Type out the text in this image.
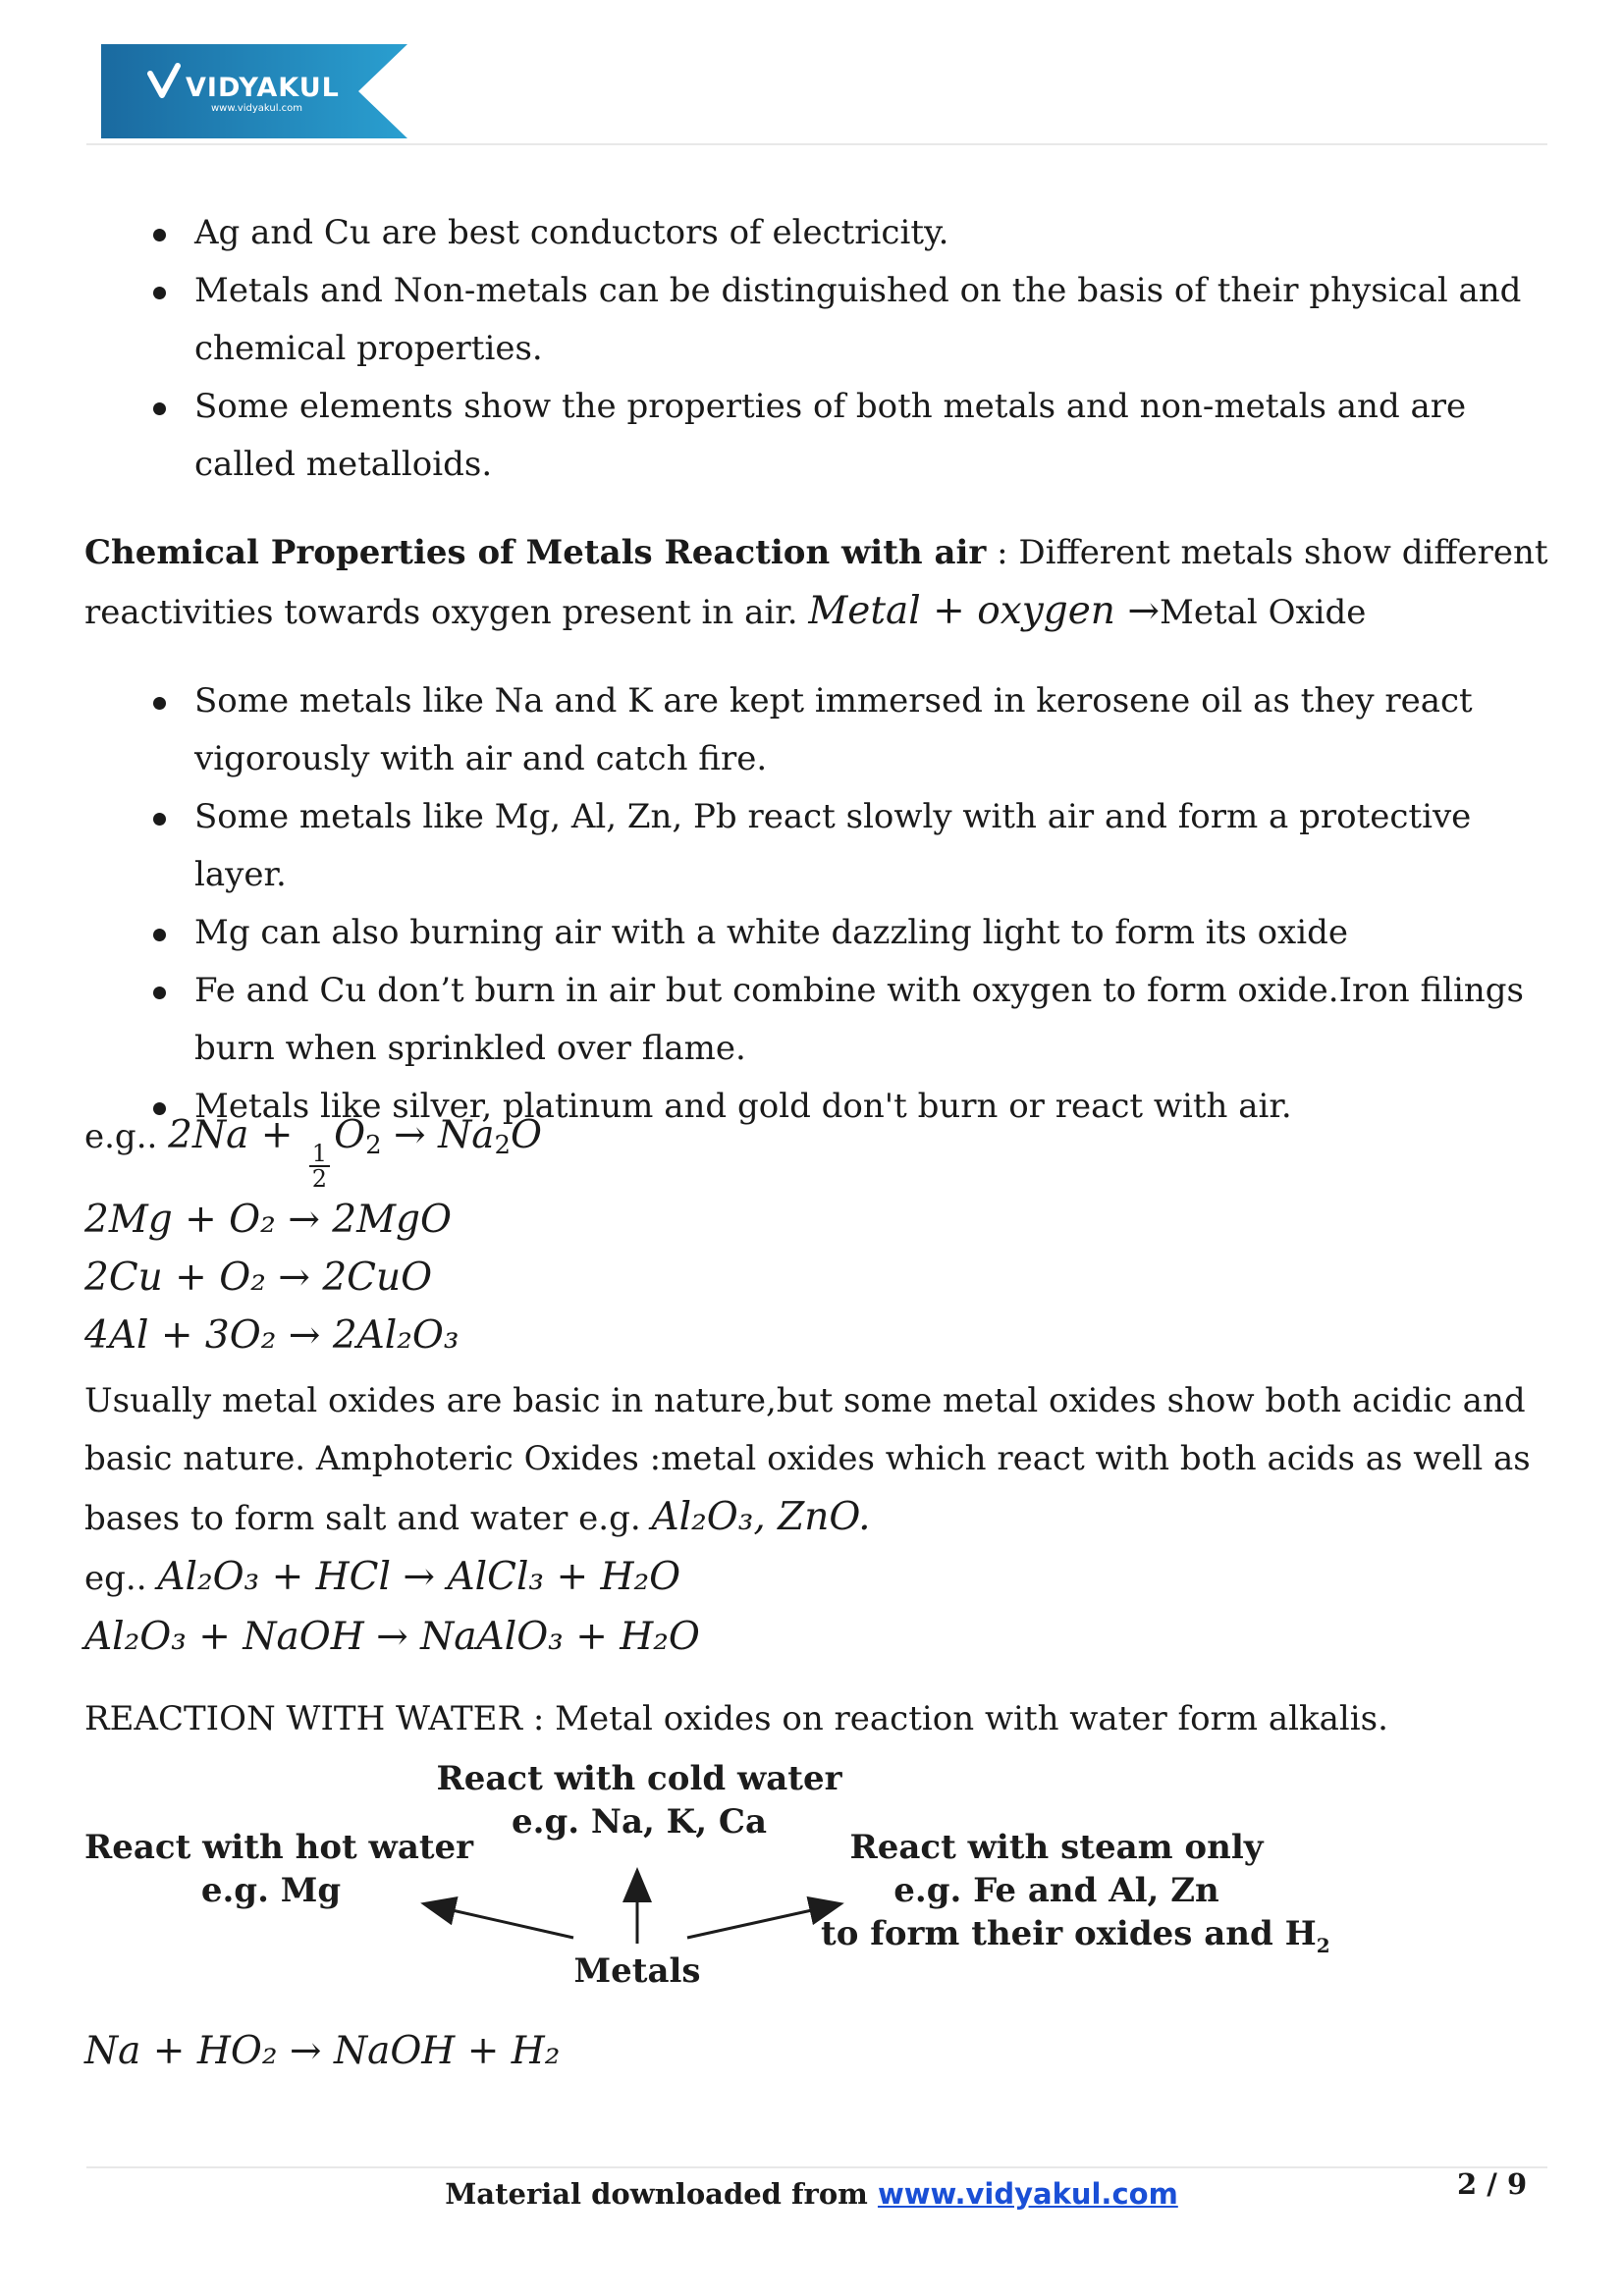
VIDYAKUL
www.vidyakul.com
Ag and Cu are best conductors of electricity.
Metals and Non-metals can be distinguished on the basis of their physical and chemical properties.
Some elements show the properties of both metals and non-metals and are called metalloids.

Chemical Properties of Metals Reaction with air : Different metals show different reactivities towards oxygen present in air. Metal + oxygen →Metal Oxide

Some metals like Na and K are kept immersed in kerosene oil as they react vigorously with air and catch fire.
Some metals like Mg, Al, Zn, Pb react slowly with air and form a protective layer.
Mg can also burning air with a white dazzling light to form its oxide
Fe and Cu don’t burn in air but combine with oxygen to form oxide.Iron filings burn when sprinkled over flame.
Metals like silver, platinum and gold don't burn or react with air.
e.g.. 2Na +
$\frac{1}{2}$
$O_2 \to Na_2O$
2Mg + O₂ → 2MgO
2Cu + O₂ → 2CuO
4Al + 3O₂ → 2Al₂O₃

Usually metal oxides are basic in nature,but some metal oxides show both acidic and basic nature. Amphoteric Oxides :metal oxides which react with both acids as well as bases to form salt and water e.g. Al₂O₃, ZnO.

eg.. Al₂O₃ + HCl → AlCl₃ + H₂O
Al₂O₃ + NaOH → NaAlO₃ + H₂O

REACTION WITH WATER : Metal oxides on reaction with water form alkalis.

Na + HO₂ → NaOH + H₂
React with cold water
e.g. Na, K, Ca
React with hot water
e.g. Mg
React with steam only
e.g. Fe and Al, Zn
to form their oxides and $H_2$
Metals
Material downloaded from www.vidyakul.com	2 / 9
